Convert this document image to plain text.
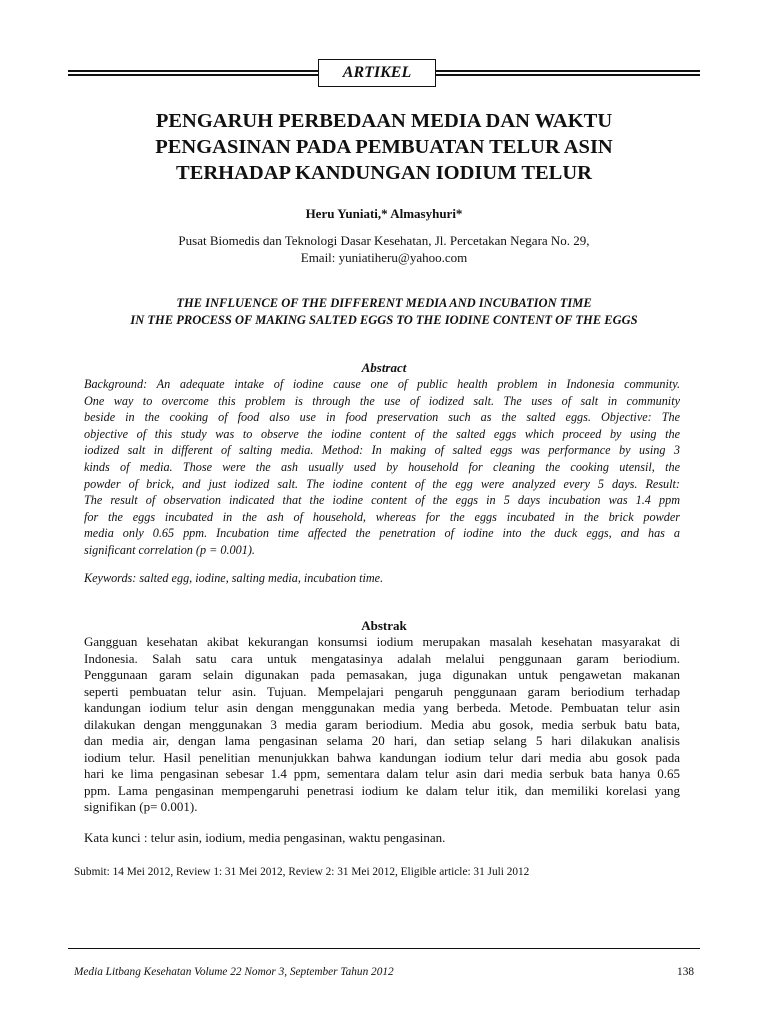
ARTIKEL
PENGARUH PERBEDAAN MEDIA DAN WAKTU
PENGASINAN PADA PEMBUATAN TELUR ASIN
TERHADAP KANDUNGAN IODIUM TELUR
Heru Yuniati,* Almasyhuri*
Pusat Biomedis dan Teknologi Dasar Kesehatan, Jl. Percetakan Negara No. 29,
Email: yuniatiheru@yahoo.com
THE INFLUENCE OF THE DIFFERENT MEDIA AND INCUBATION TIME
IN THE PROCESS OF MAKING SALTED EGGS TO THE IODINE CONTENT OF THE EGGS
Abstract
Background: An adequate intake of iodine cause one of public health problem in Indonesia community.
One way to overcome this problem is through the use of iodized salt. The uses of salt in community
beside in the cooking of food also use in food preservation such as the salted eggs. Objective: The
objective of this study was to observe the iodine content of the salted eggs which proceed by using the
iodized salt in different of salting media. Method: In making of salted eggs was performance by using 3
kinds of media. Those were the ash usually used by household for cleaning the cooking utensil, the
powder of brick, and just iodized salt. The iodine content of the egg were analyzed every 5 days. Result:
The result of observation indicated that the iodine content of the eggs in 5 days incubation was 1.4 ppm
for the eggs incubated in the ash of household, whereas for the eggs incubated in the brick powder
media only 0.65 ppm. Incubation time affected the penetration of iodine into the duck eggs, and has a
significant correlation (p = 0.001).
Keywords: salted egg, iodine, salting media, incubation time.
Abstrak
Gangguan kesehatan akibat kekurangan konsumsi iodium merupakan masalah kesehatan masyarakat di
Indonesia. Salah satu cara untuk mengatasinya adalah melalui penggunaan garam beriodium.
Penggunaan garam selain digunakan pada pemasakan, juga digunakan untuk pengawetan makanan
seperti pembuatan telur asin. Tujuan. Mempelajari pengaruh penggunaan garam beriodium terhadap
kandungan iodium telur asin dengan menggunakan media yang berbeda. Metode. Pembuatan telur asin
dilakukan dengan menggunakan 3 media garam beriodium. Media abu gosok, media serbuk batu bata,
dan media air, dengan lama pengasinan selama 20 hari, dan setiap selang 5 hari dilakukan analisis
iodium telur. Hasil penelitian menunjukkan bahwa kandungan iodium telur dari media abu gosok pada
hari ke lima pengasinan sebesar 1.4 ppm, sementara dalam telur asin dari media serbuk bata hanya 0.65
ppm. Lama pengasinan mempengaruhi penetrasi iodium ke dalam telur itik, dan memiliki korelasi yang
signifikan (p= 0.001).
Kata kunci : telur asin, iodium, media pengasinan, waktu pengasinan.
Submit: 14 Mei 2012, Review 1: 31 Mei 2012, Review 2: 31 Mei 2012, Eligible article: 31 Juli 2012
Media Litbang Kesehatan Volume 22 Nomor 3, September Tahun 2012	138
